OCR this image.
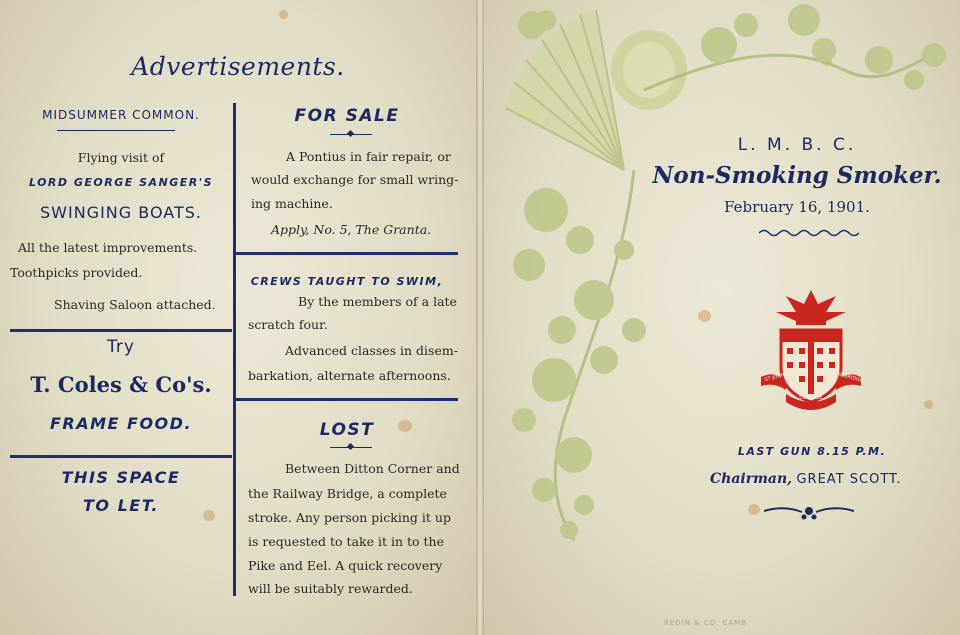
Advertisements.
MIDSUMMER COMMON.
Flying visit of
LORD GEORGE SANGER'S
SWINGING BOATS.
All the latest improvements.
Toothpicks provided.
Shaving Saloon attached.
FOR SALE
A Pontius in fair repair, or
would exchange for small wring-
ing machine.
Apply, No. 5, The Granta.
CREWS TAUGHT TO SWIM,
By the members of a late
scratch four.
Advanced classes in disem-
barkation, alternate afternoons.
Try
T. Coles & Co's.
FRAME FOOD.
THIS SPACE
TO LET.
LOST
Between Ditton Corner and
the Railway Bridge, a complete
stroke. Any person picking it up
is requested to take it in to the
Pike and Eel. A quick recovery
will be suitably rewarded.
L. M. B. C.
Non-Smoking Smoker.
February 16, 1901.
ST JOHN'S
COLLEGE
CAMBRIDGE
LAST GUN 8.15 P.M.
Chairman, GREAT SCOTT.
REDIN & CO. CAMB
